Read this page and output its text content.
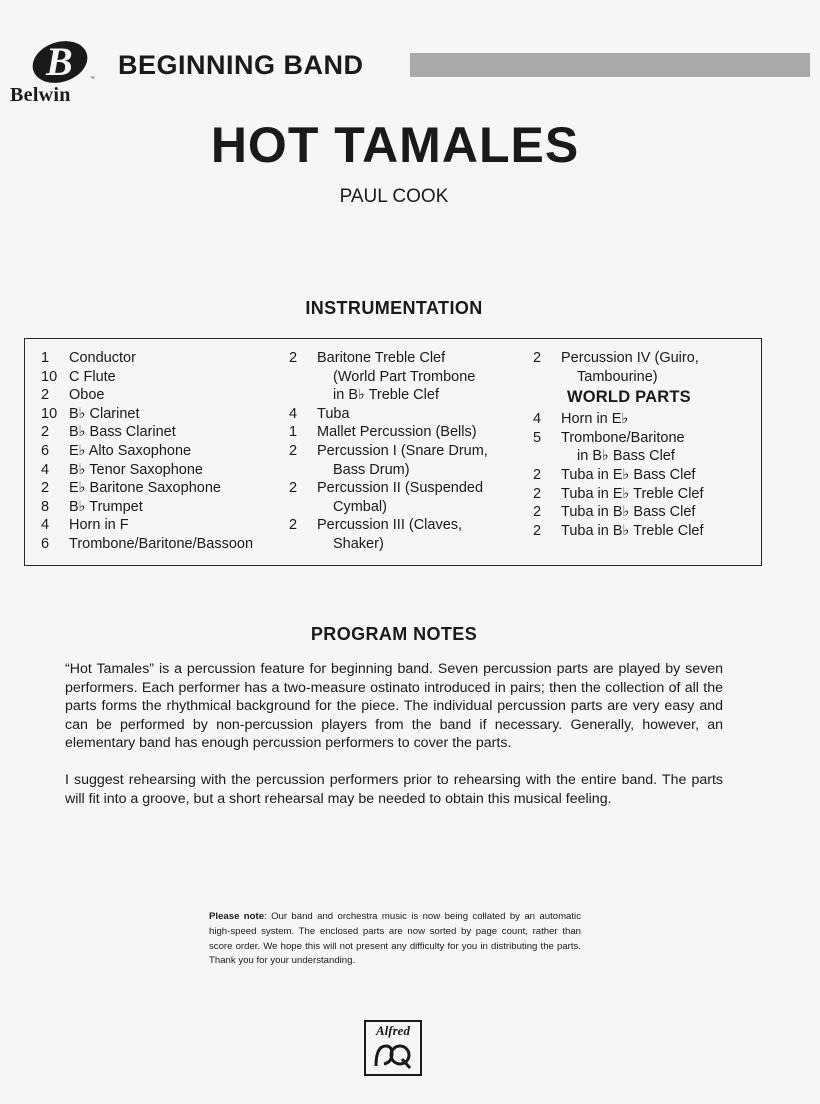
B	™
Belwin
BEGINNING BAND
HOT TAMALES
PAUL COOK
INSTRUMENTATION
1	Conductor
10 C Flute
2	Oboe
10 B♭ Clarinet
2	B♭ Bass Clarinet
6	E♭ Alto Saxophone
4	B♭ Tenor Saxophone
2	E♭ Baritone Saxophone
8	B♭ Trumpet
4	Horn in F
6	Trombone/Baritone/Bassoon
2	Baritone Treble Clef
(World Part Trombone
in B♭ Treble Clef
4	Tuba
1	Mallet Percussion (Bells)
2	Percussion I (Snare Drum,
Bass Drum)
2	Percussion II (Suspended
Cymbal)
2	Percussion III (Claves,
Shaker)
2	Percussion IV (Guiro,
Tambourine)
WORLD PARTS
4	Horn in E♭
5	Trombone/Baritone
in B♭ Bass Clef
2	Tuba in E♭ Bass Clef
2	Tuba in E♭ Treble Clef
2	Tuba in B♭ Bass Clef
2	Tuba in B♭ Treble Clef
PROGRAM NOTES
“Hot Tamales” is a percussion feature for beginning band. Seven percussion parts are played by seven performers. Each performer has a two-measure ostinato introduced in pairs; then the collection of all the parts forms the rhythmical background for the piece. The individual percussion parts are very easy and can be performed by non-percussion players from the band if necessary. Generally, however, an elementary band has enough percussion performers to cover the parts.
I suggest rehearsing with the percussion performers prior to rehearsing with the entire band. The parts will fit into a groove, but a short rehearsal may be needed to obtain this musical feeling.
Please note: Our band and orchestra music is now being collated by an automatic high-speed system. The enclosed parts are now sorted by page count, rather than score order. We hope this will not present any difficulty for you in distributing the parts. Thank you for your understanding.
Alfred
